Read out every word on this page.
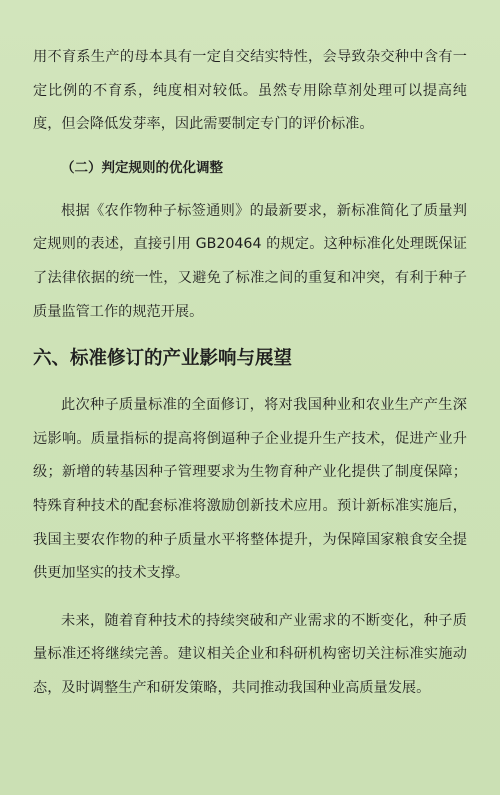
用不育系生产的母本具有一定自交结实特性，会导致杂交种中含有一定比例的不育系，纯度相对较低。虽然专用除草剂处理可以提高纯度，但会降低发芽率，因此需要制定专门的评价标准。

（二）判定规则的优化调整

根据《农作物种子标签通则》的最新要求，新标准简化了质量判定规则的表述，直接引用 GB20464 的规定。这种标准化处理既保证了法律依据的统一性，又避免了标准之间的重复和冲突，有利于种子质量监管工作的规范开展。

六、标准修订的产业影响与展望

此次种子质量标准的全面修订，将对我国种业和农业生产产生深远影响。质量指标的提高将倒逼种子企业提升生产技术，促进产业升级；新增的转基因种子管理要求为生物育种产业化提供了制度保障；特殊育种技术的配套标准将激励创新技术应用。预计新标准实施后，我国主要农作物的种子质量水平将整体提升，为保障国家粮食安全提供更加坚实的技术支撑。

未来，随着育种技术的持续突破和产业需求的不断变化，种子质量标准还将继续完善。建议相关企业和科研机构密切关注标准实施动态，及时调整生产和研发策略，共同推动我国种业高质量发展。
